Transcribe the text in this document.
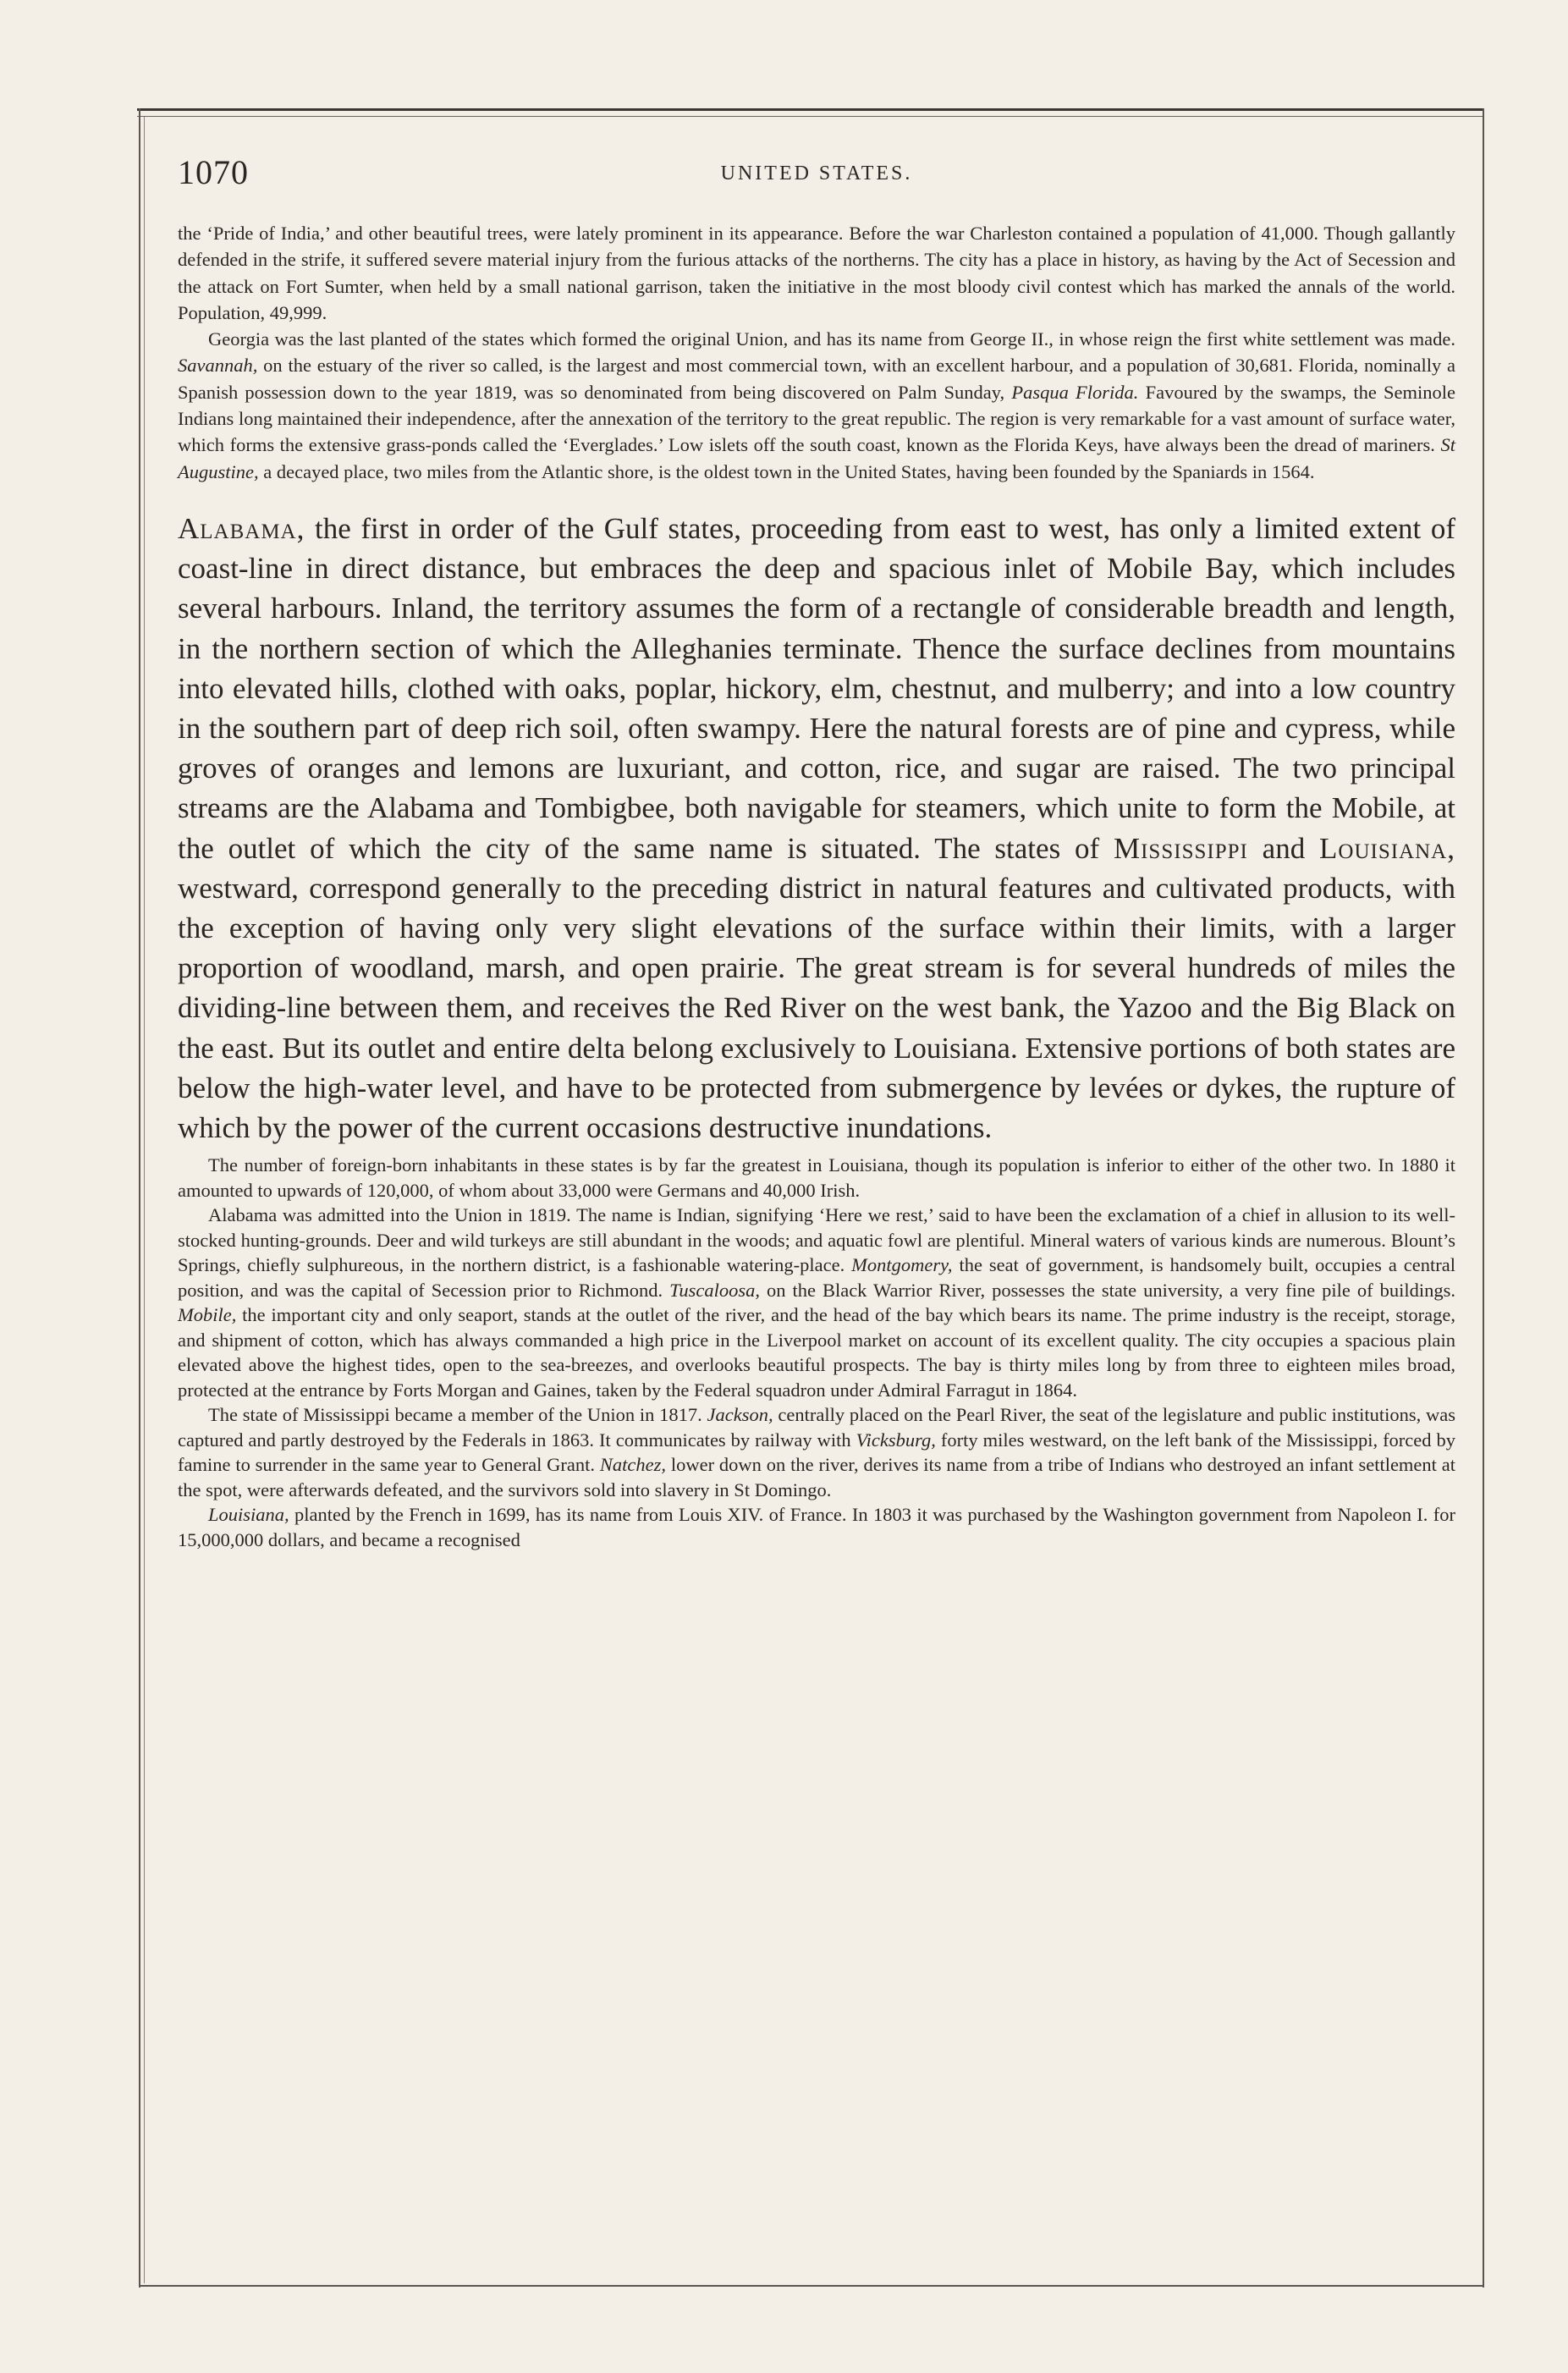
1070	UNITED STATES.

the ‘Pride of India,’ and other beautiful trees, were lately prominent in its appearance. Before the war Charleston contained a population of 41,000. Though gallantly defended in the strife, it suffered severe material injury from the furious attacks of the northerns. The city has a place in history, as having by the Act of Secession and the attack on Fort Sumter, when held by a small national garrison, taken the initiative in the most bloody civil contest which has marked the annals of the world. Population, 49,999.

Georgia was the last planted of the states which formed the original Union, and has its name from George II., in whose reign the first white settlement was made. Savannah, on the estuary of the river so called, is the largest and most commercial town, with an excellent harbour, and a population of 30,681. Florida, nominally a Spanish possession down to the year 1819, was so denominated from being discovered on Palm Sunday, Pasqua Florida. Favoured by the swamps, the Seminole Indians long maintained their independence, after the annexation of the territory to the great republic. The region is very remarkable for a vast amount of surface water, which forms the extensive grass-ponds called the ‘Everglades.’ Low islets off the south coast, known as the Florida Keys, have always been the dread of mariners. St Augustine, a decayed place, two miles from the Atlantic shore, is the oldest town in the United States, having been founded by the Spaniards in 1564.

Alabama, the first in order of the Gulf states, proceeding from east to west, has only a limited extent of coast-line in direct distance, but embraces the deep and spacious inlet of Mobile Bay, which includes several harbours. Inland, the territory assumes the form of a rectangle of considerable breadth and length, in the northern section of which the Alleghanies terminate. Thence the surface declines from mountains into elevated hills, clothed with oaks, poplar, hickory, elm, chestnut, and mulberry; and into a low country in the southern part of deep rich soil, often swampy. Here the natural forests are of pine and cypress, while groves of oranges and lemons are luxuriant, and cotton, rice, and sugar are raised. The two principal streams are the Alabama and Tombigbee, both navigable for steamers, which unite to form the Mobile, at the outlet of which the city of the same name is situated. The states of Mississippi and Louisiana, westward, correspond generally to the preceding district in natural features and cultivated products, with the exception of having only very slight elevations of the surface within their limits, with a larger proportion of woodland, marsh, and open prairie. The great stream is for several hundreds of miles the dividing-line between them, and receives the Red River on the west bank, the Yazoo and the Big Black on the east. But its outlet and entire delta belong exclusively to Louisiana. Extensive portions of both states are below the high-water level, and have to be protected from submergence by levées or dykes, the rupture of which by the power of the current occasions destructive inundations.

The number of foreign-born inhabitants in these states is by far the greatest in Louisiana, though its population is inferior to either of the other two. In 1880 it amounted to upwards of 120,000, of whom about 33,000 were Germans and 40,000 Irish.

Alabama was admitted into the Union in 1819. The name is Indian, signifying ‘Here we rest,’ said to have been the exclamation of a chief in allusion to its well-stocked hunting-grounds. Deer and wild turkeys are still abundant in the woods; and aquatic fowl are plentiful. Mineral waters of various kinds are numerous. Blount’s Springs, chiefly sulphureous, in the northern district, is a fashionable watering-place. Montgomery, the seat of government, is handsomely built, occupies a central position, and was the capital of Secession prior to Richmond. Tuscaloosa, on the Black Warrior River, possesses the state university, a very fine pile of buildings. Mobile, the important city and only seaport, stands at the outlet of the river, and the head of the bay which bears its name. The prime industry is the receipt, storage, and shipment of cotton, which has always commanded a high price in the Liverpool market on account of its excellent quality. The city occupies a spacious plain elevated above the highest tides, open to the sea-breezes, and overlooks beautiful prospects. The bay is thirty miles long by from three to eighteen miles broad, protected at the entrance by Forts Morgan and Gaines, taken by the Federal squadron under Admiral Farragut in 1864.

The state of Mississippi became a member of the Union in 1817. Jackson, centrally placed on the Pearl River, the seat of the legislature and public institutions, was captured and partly destroyed by the Federals in 1863. It communicates by railway with Vicksburg, forty miles westward, on the left bank of the Mississippi, forced by famine to surrender in the same year to General Grant. Natchez, lower down on the river, derives its name from a tribe of Indians who destroyed an infant settlement at the spot, were afterwards defeated, and the survivors sold into slavery in St Domingo.

Louisiana, planted by the French in 1699, has its name from Louis XIV. of France. In 1803 it was purchased by the Washington government from Napoleon I. for 15,000,000 dollars, and became a recognised
